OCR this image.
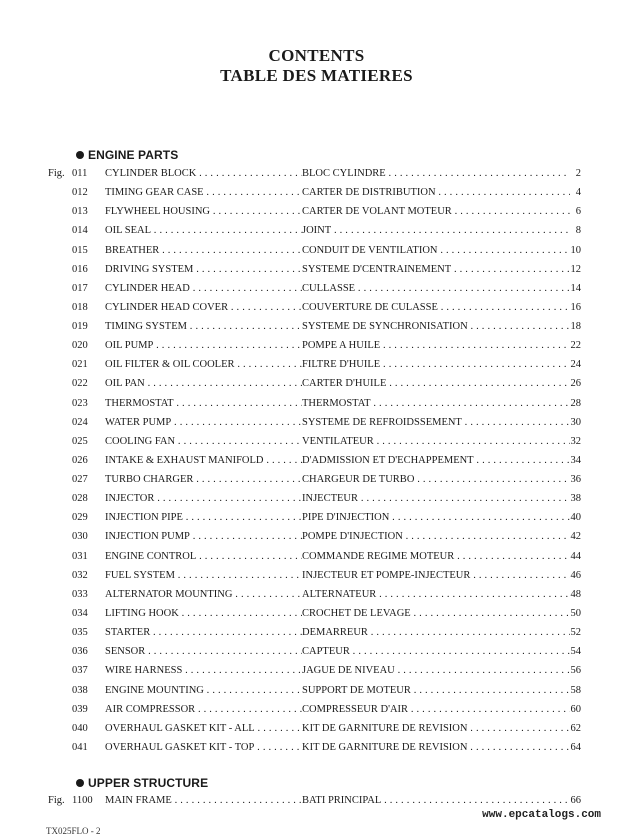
CONTENTS
TABLE DES MATIERES
ENGINE PARTS
Fig. 011	CYLINDER BLOCK . . .	BLOC CYLINDRE . . .	2
012	TIMING GEAR CASE . . .	CARTER DE DISTRIBUTION . . .	4
013	FLYWHEEL HOUSING . . .	CARTER DE VOLANT MOTEUR . . .	6
014	OIL SEAL . . .	JOINT . . .	8
015	BREATHER . . .	CONDUIT DE VENTILATION . . .	10
016	DRIVING SYSTEM . . .	SYSTEME D'CENTRAINEMENT . . .	12
017	CYLINDER HEAD . . .	CULLASSE . . .	14
018	CYLINDER HEAD COVER . . .	COUVERTURE DE CULASSE . . .	16
019	TIMING SYSTEM . . .	SYSTEME DE SYNCHRONISATION . . .	18
020	OIL PUMP . . .	POMPE A HUILE . . .	22
021	OIL FILTER & OIL COOLER . . .	FILTRE D'HUILE . . .	24
022	OIL PAN . . .	CARTER D'HUILE . . .	26
023	THERMOSTAT . . .	THERMOSTAT . . .	28
024	WATER PUMP . . .	SYSTEME DE REFROIDSSEMENT . . .	30
025	COOLING FAN . . .	VENTILATEUR . . .	32
026	INTAKE & EXHAUST MANIFOLD . . .	D'ADMISSION ET D'ECHAPPEMENT . . .	34
027	TURBO CHARGER . . .	CHARGEUR DE TURBO . . .	36
028	INJECTOR . . .	INJECTEUR . . .	38
029	INJECTION PIPE . . .	PIPE D'INJECTION . . .	40
030	INJECTION PUMP . . .	POMPE D'INJECTION . . .	42
031	ENGINE CONTROL . . .	COMMANDE REGIME MOTEUR . . .	44
032	FUEL SYSTEM . . .	INJECTEUR ET POMPE-INJECTEUR . . .	46
033	ALTERNATOR MOUNTING . . .	ALTERNATEUR . . .	48
034	LIFTING HOOK . . .	CROCHET DE LEVAGE . . .	50
035	STARTER . . .	DEMARREUR . . .	52
036	SENSOR . . .	CAPTEUR . . .	54
037	WIRE HARNESS . . .	JAGUE DE NIVEAU . . .	56
038	ENGINE MOUNTING . . .	SUPPORT DE MOTEUR . . .	58
039	AIR COMPRESSOR . . .	COMPRESSEUR D'AIR . . .	60
040	OVERHAUL GASKET KIT - ALL . . .	KIT DE GARNITURE DE REVISION . . .	62
041	OVERHAUL GASKET KIT - TOP . . .	KIT DE GARNITURE DE REVISION . . .	64
UPPER STRUCTURE
Fig. 1100	MAIN FRAME . . .	BATI PRINCIPAL . . .	66
www.epcatalogs.com
TX025FLO - 2
